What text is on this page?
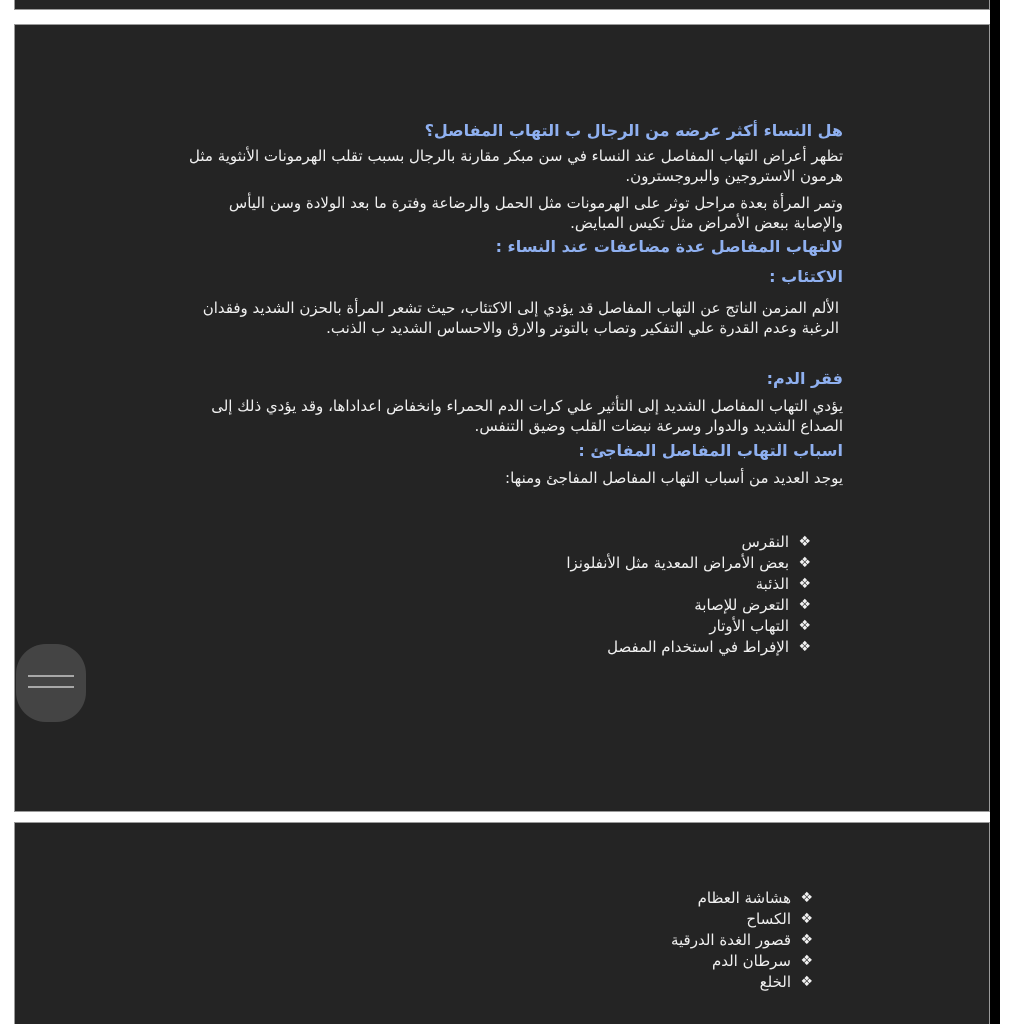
هل النساء أكثر عرضه من الرجال ب التهاب المفاصل؟

تظهر أعراض التهاب المفاصل عند النساء في سن مبكر مقارنة بالرجال بسبب تقلب الهرمونات الأنثوية مثل هرمون الاستروجين والبروجسترون.

وتمر المرأة بعدة مراحل توثر على الهرمونات مثل الحمل والرضاعة وفترة ما بعد الولادة وسن اليأس والإصابة ببعض الأمراض مثل تكيس المبايض.

لالتهاب المفاصل عدة مضاعفات عند النساء :
الاكتئاب :

الألم المزمن الناتج عن التهاب المفاصل قد يؤدي إلى الاكتئاب، حيث تشعر المرأة بالحزن الشديد وفقدان الرغبة وعدم القدرة علي التفكير وتصاب بالتوتر والارق والاحساس الشديد ب الذنب.

فقر الدم:

يؤدي التهاب المفاصل الشديد إلى التأثير علي كرات الدم الحمراء وانخفاض اعداداها، وقد يؤدي ذلك إلى الصداع الشديد والدوار وسرعة نبضات القلب وضيق التنفس.

اسباب التهاب المفاصل المفاجئ :

يوجد العديد من أسباب التهاب المفاصل المفاجئ ومنها:

❖
النقرس
❖
بعض الأمراض المعدية مثل الأنفلونزا
❖
الذئبة
❖
التعرض للإصابة
❖
التهاب الأوتار
❖
الإفراط في استخدام المفصل
❖
هشاشة العظام
❖
الكساح
❖
قصور الغدة الدرقية
❖
سرطان الدم
❖
الخلع
